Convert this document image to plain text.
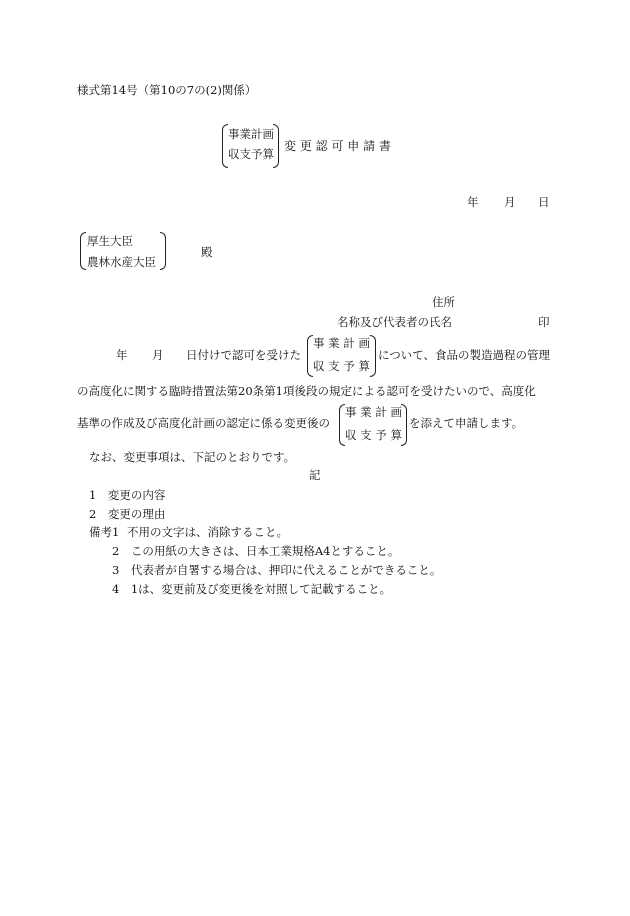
様式第14号（第10の7の(2)関係）
事業計画
収支予算
変 更 認 可 申 請 書
年 月 日
厚生大臣
農林水産大臣
殿
住所
名称及び代表者の氏名	印
年 月 日付けで認可を受けた
事 業 計 画
収 支 予 算
について、食品の製造過程の管理
の高度化に関する臨時措置法第20条第1項後段の規定による認可を受けたいので、高度化
基準の作成及び高度化計画の認定に係る変更後の
事 業 計 画
収 支 予 算
を添えて申請します。
なお、変更事項は、下記のとおりです。
記
1　変更の内容
2　変更の理由
備考1 不用の文字は、消除すること。
2　この用紙の大きさは、日本工業規格A4とすること。
3　代表者が自署する場合は、押印に代えることができること。
4　1は、変更前及び変更後を対照して記載すること。
